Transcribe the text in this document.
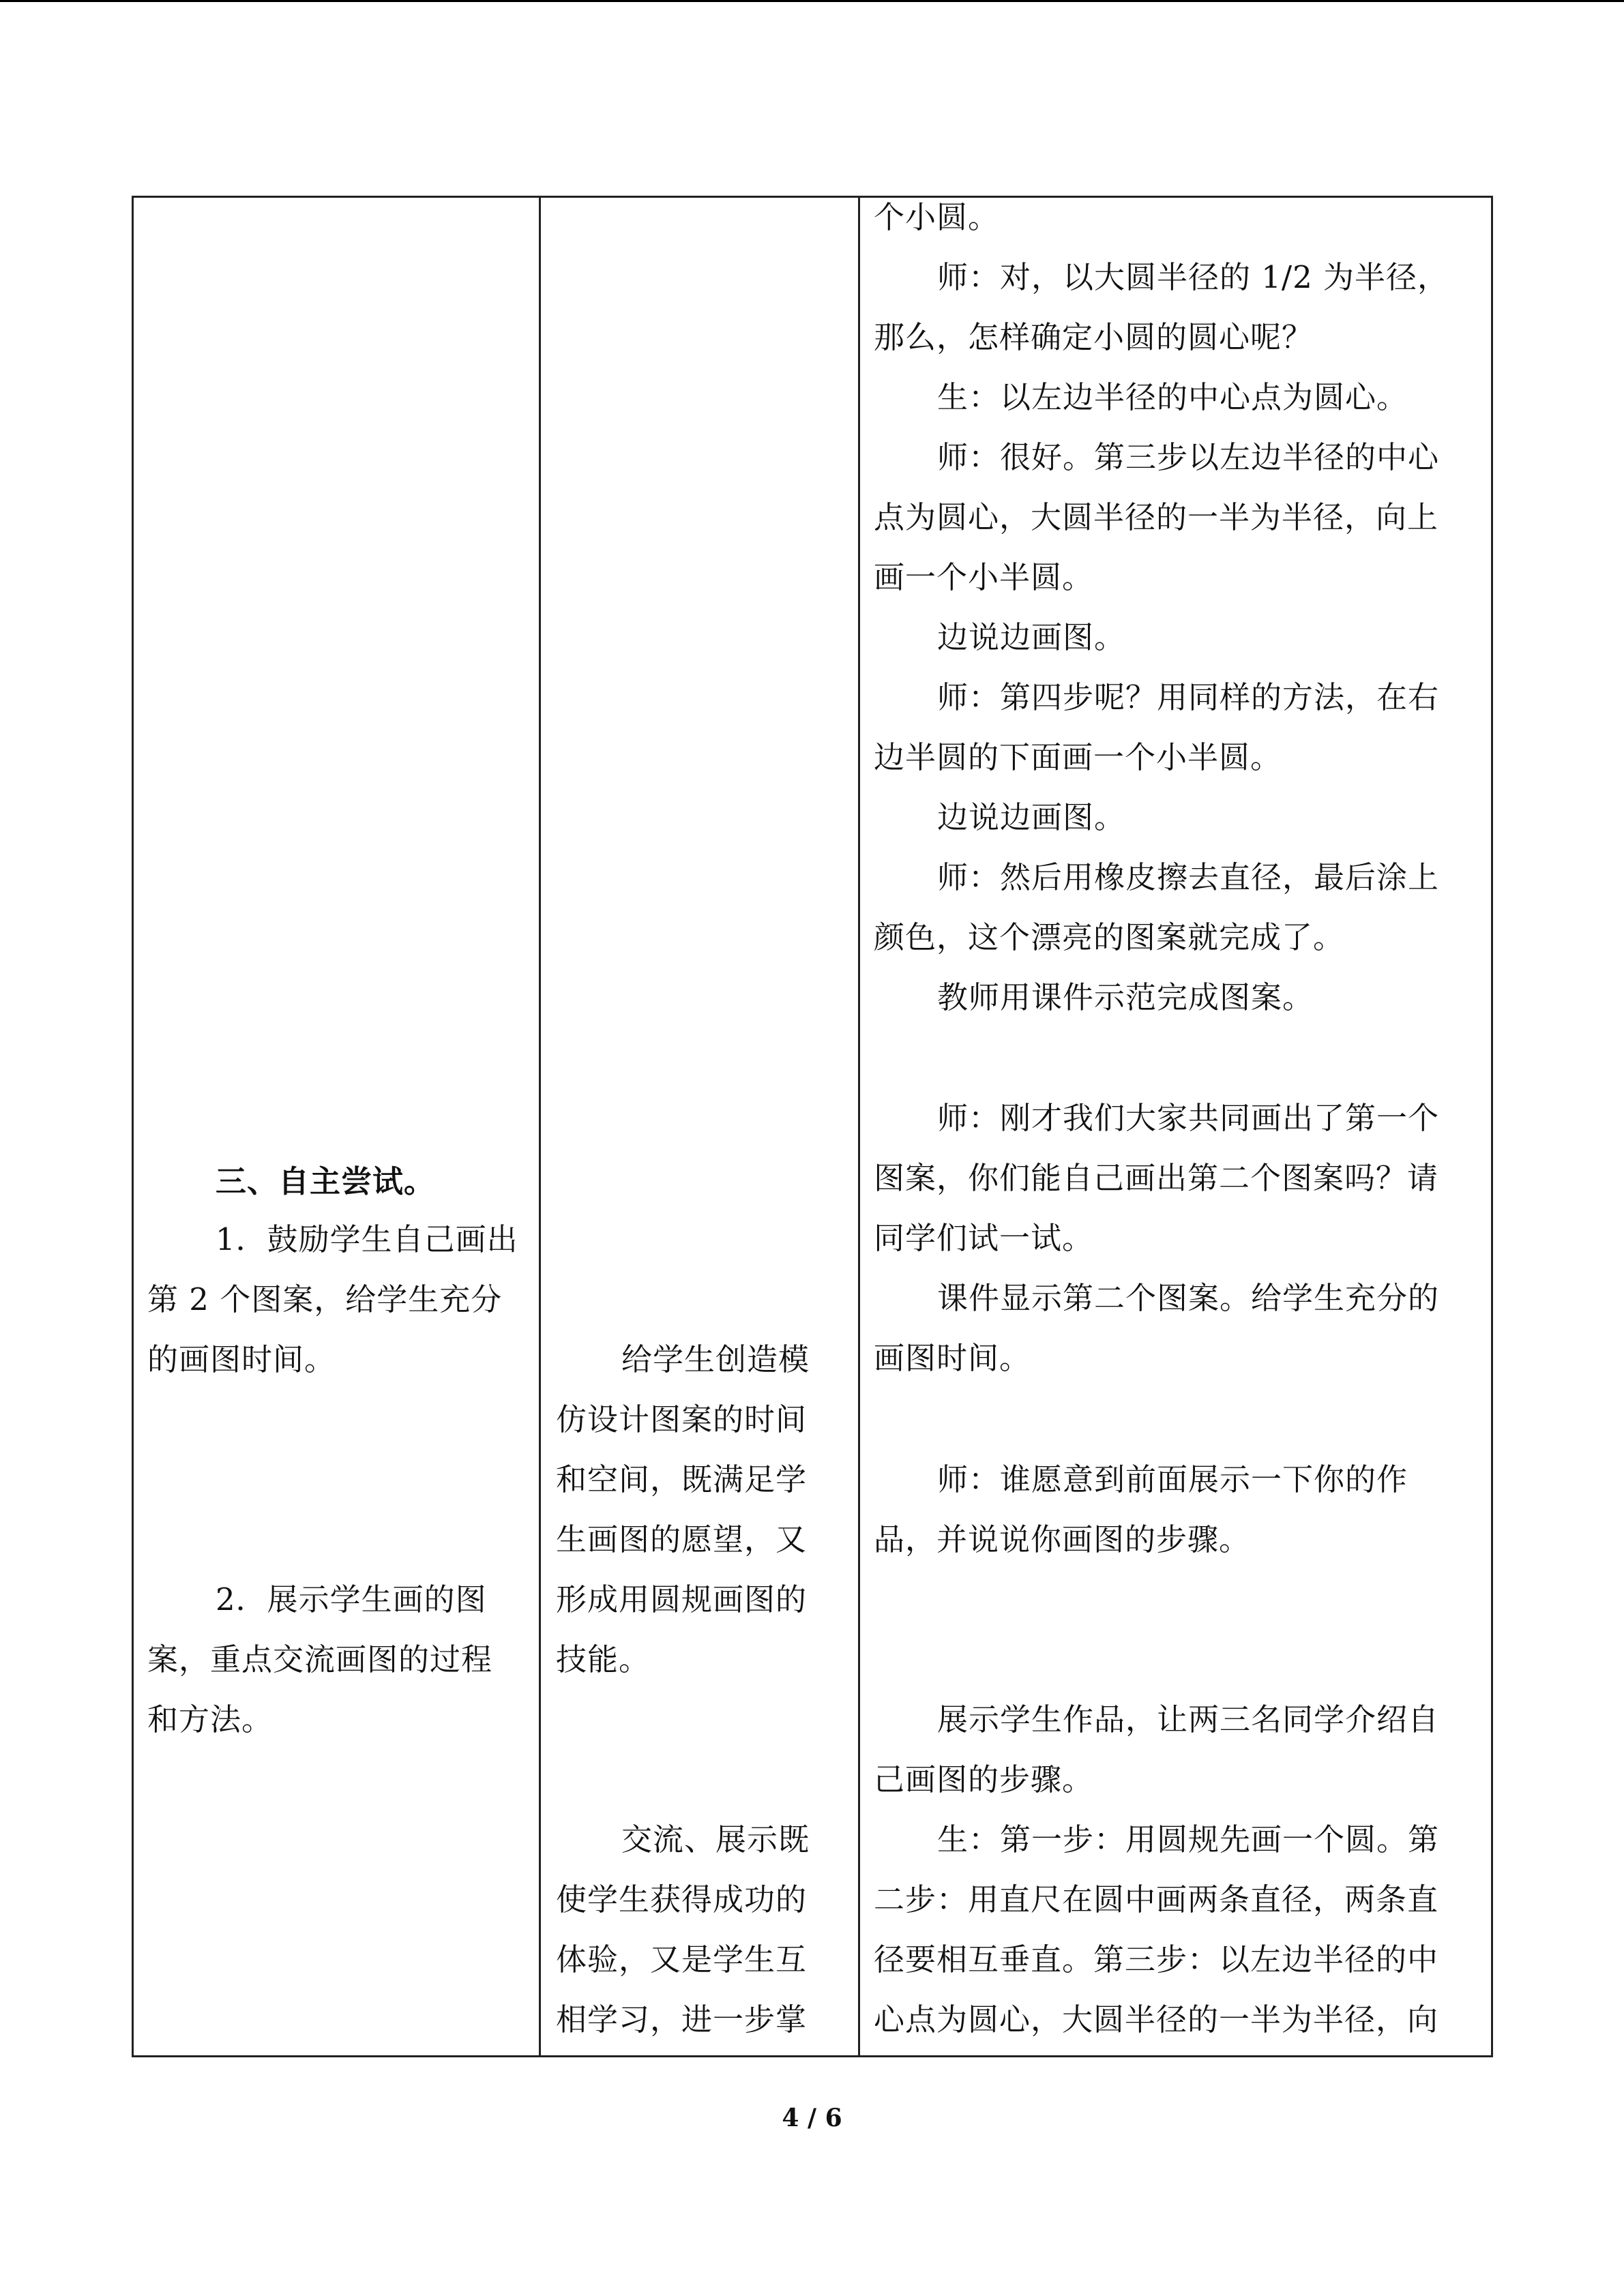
三、自主尝试。
1．鼓励学生自己画出
第 2 个图案，给学生充分
的画图时间。
2．展示学生画的图
案，重点交流画图的过程
和方法。
给学生创造模
仿设计图案的时间
和空间，既满足学
生画图的愿望，又
形成用圆规画图的
技能。
交流、展示既
使学生获得成功的
体验，又是学生互
相学习，进一步掌
个小圆。
师：对，以大圆半径的 1/2 为半径，
那么，怎样确定小圆的圆心呢？
生：以左边半径的中心点为圆心。
师：很好。第三步以左边半径的中心
点为圆心，大圆半径的一半为半径，向上
画一个小半圆。
边说边画图。
师：第四步呢？用同样的方法，在右
边半圆的下面画一个小半圆。
边说边画图。
师：然后用橡皮擦去直径，最后涂上
颜色，这个漂亮的图案就完成了。
教师用课件示范完成图案。
师：刚才我们大家共同画出了第一个
图案，你们能自己画出第二个图案吗？请
同学们试一试。
课件显示第二个图案。给学生充分的
画图时间。
师：谁愿意到前面展示一下你的作
品，并说说你画图的步骤。
展示学生作品，让两三名同学介绍自
己画图的步骤。
生：第一步：用圆规先画一个圆。第
二步：用直尺在圆中画两条直径，两条直
径要相互垂直。第三步：以左边半径的中
心点为圆心，大圆半径的一半为半径，向
4 / 6
